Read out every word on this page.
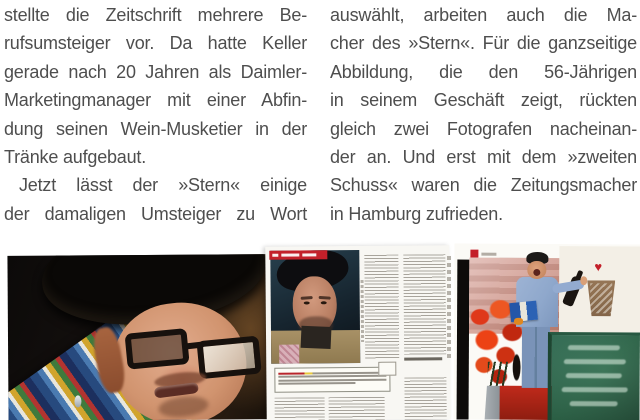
stellte die Zeitschrift mehrere Be-
rufsumsteiger vor. Da hatte Keller
gerade nach 20 Jahren als Daimler-
Marketingmanager mit einer Abfin-
dung seinen Wein-Musketier in der
Tränke aufgebaut.
Jetzt lässt der »Stern« einige
der damaligen Umsteiger zu Wort
auswählt, arbeiten auch die Ma-
cher des »Stern«. Für die ganzseitige
Abbildung, die den 56-Jährigen
in seinem Geschäft zeigt, rückten
gleich zwei Fotografen nacheinan-
der an. Und erst mit dem »zweiten
Schuss« waren die Zeitungsmacher
in Hamburg zufrieden.
♥
